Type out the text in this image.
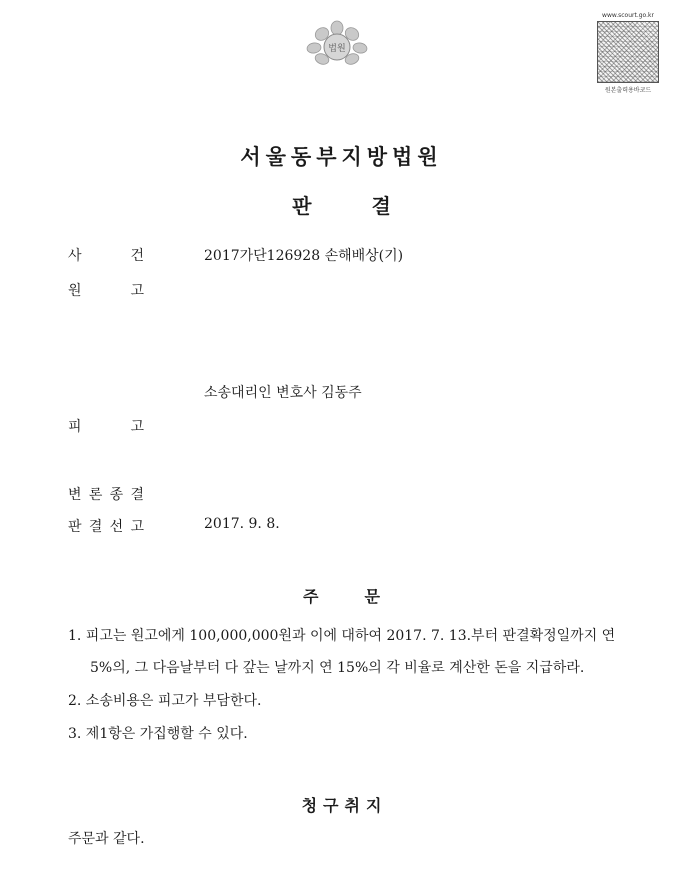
법원
www.scourt.go.kr
원본출력용바코드
서울동부지방법원
판결
사	건	2017가단126928 손해배상(기)
원	고
소송대리인 변호사 김동주
피	고
변 론 종 결
판 결 선 고	2017. 9. 8.
주문
1. 피고는 원고에게 100,000,000원과 이에 대하여 2017. 7. 13.부터 판결확정일까지 연
5%의, 그 다음날부터 다 갚는 날까지 연 15%의 각 비율로 계산한 돈을 지급하라.
2. 소송비용은 피고가 부담한다.
3. 제1항은 가집행할 수 있다.
청구취지
주문과 같다.
